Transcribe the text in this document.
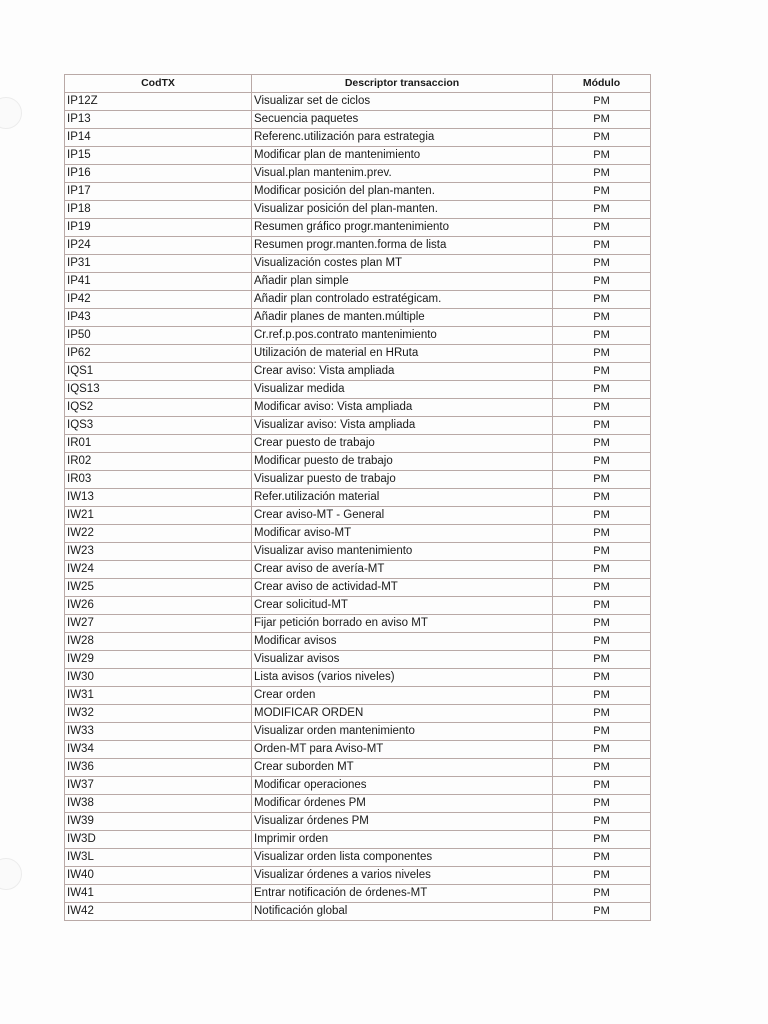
CodTX	Descriptor transaccion	Módulo
IP12Z	Visualizar set de ciclos	PM
IP13	Secuencia paquetes	PM
IP14	Referenc.utilización para estrategia	PM
IP15	Modificar plan de mantenimiento	PM
IP16	Visual.plan mantenim.prev.	PM
IP17	Modificar posición del plan-manten.	PM
IP18	Visualizar posición del plan-manten.	PM
IP19	Resumen gráfico progr.mantenimiento	PM
IP24	Resumen progr.manten.forma de lista	PM
IP31	Visualización costes plan MT	PM
IP41	Añadir plan simple	PM
IP42	Añadir plan controlado estratégicam.	PM
IP43	Añadir planes de manten.múltiple	PM
IP50	Cr.ref.p.pos.contrato mantenimiento	PM
IP62	Utilización de material en HRuta	PM
IQS1	Crear aviso: Vista ampliada	PM
IQS13	Visualizar medida	PM
IQS2	Modificar aviso: Vista ampliada	PM
IQS3	Visualizar aviso: Vista ampliada	PM
IR01	Crear puesto de trabajo	PM
IR02	Modificar puesto de trabajo	PM
IR03	Visualizar puesto de trabajo	PM
IW13	Refer.utilización material	PM
IW21	Crear aviso-MT - General	PM
IW22	Modificar aviso-MT	PM
IW23	Visualizar aviso mantenimiento	PM
IW24	Crear aviso de avería-MT	PM
IW25	Crear aviso de actividad-MT	PM
IW26	Crear solicitud-MT	PM
IW27	Fijar petición borrado en aviso MT	PM
IW28	Modificar avisos	PM
IW29	Visualizar avisos	PM
IW30	Lista avisos (varios niveles)	PM
IW31	Crear orden	PM
IW32	MODIFICAR ORDEN	PM
IW33	Visualizar orden mantenimiento	PM
IW34	Orden-MT para Aviso-MT	PM
IW36	Crear suborden MT	PM
IW37	Modificar operaciones	PM
IW38	Modificar órdenes PM	PM
IW39	Visualizar órdenes PM	PM
IW3D	Imprimir orden	PM
IW3L	Visualizar orden lista componentes	PM
IW40	Visualizar órdenes a varios niveles	PM
IW41	Entrar notificación de órdenes-MT	PM
IW42	Notificación global	PM
